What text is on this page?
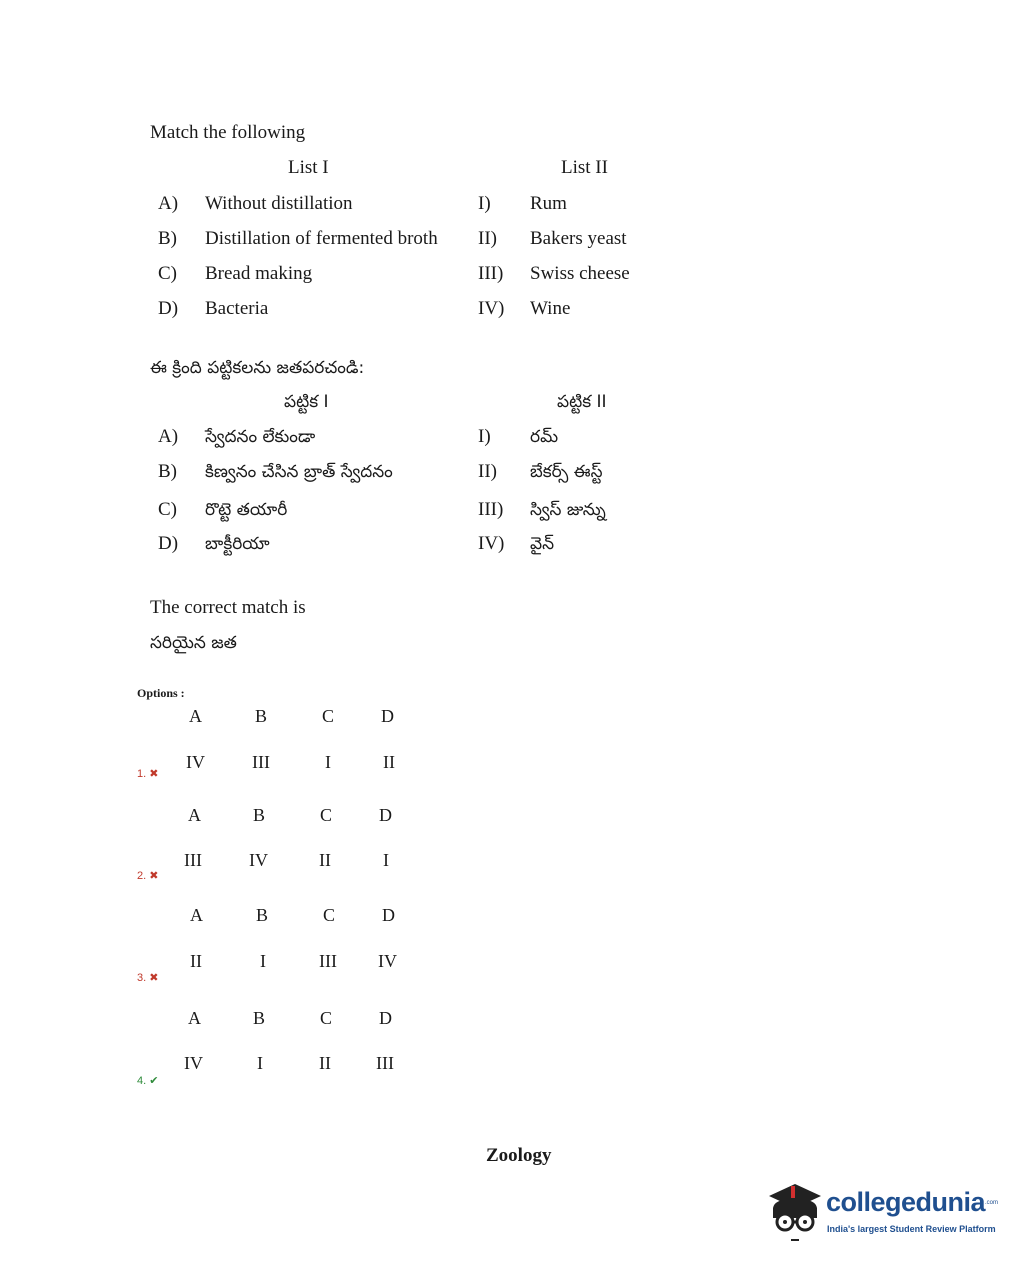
Match the following
List I	List II
A) Without distillation	I) Rum
B) Distillation of fermented broth II) Bakers yeast
C) Bread making	III) Swiss cheese
D) Bacteria	IV) Wine
ఈ క్రింది పట్టికలను జతపరచండి:
పట్టిక I	పట్టిక II
A) స్వేదనం లేకుండా	I) రమ్
B) కిణ్వనం చేసిన బ్రాత్ స్వేదనం	II) బేకర్స్ ఈస్ట్
C) రొట్టె తయారీ	III) స్విస్ జున్ను
D) బాక్టీరియా	IV) వైన్
The correct match is
సరియైన జత
Options :
A	B	C	D
IV	III	I	II
1. ✖
A	B	C	D
III	IV	II	I
2. ✖
A	B	C	D
II	I	III IV
3. ✖
A	B	C	D
IV	I	II	III
4. ✔
Zoology
collegedunia .com
India's largest Student Review Platform
